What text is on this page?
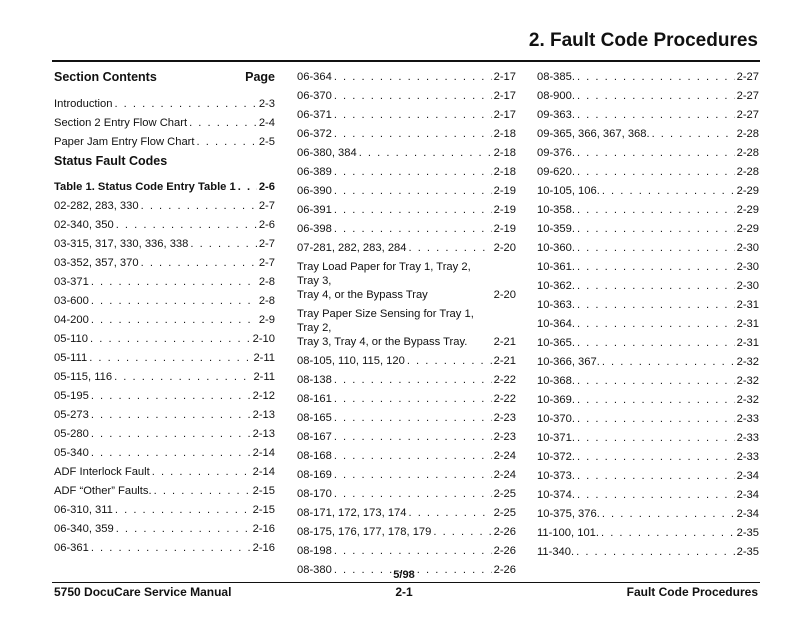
2. Fault Code Procedures
Section Contents	Page
Introduction . . .	2-3
Section 2 Entry Flow Chart . . .	2-4
Paper Jam Entry Flow Chart . . .	2-5
Status Fault Codes
Table 1. Status Code Entry Table 1 . . . 2-6
02-282, 283, 330 . . .	2-7
02-340, 350 . . .	2-6
03-315, 317, 330, 336, 338 . . .	2-7
03-352, 357, 370 . . .	2-7
03-371 . . .	2-8
03-600 . . .	2-8
04-200 . . .	2-9
05-110 . . .	2-10
05-111 . . .	2-11
05-115, 116 . . .	2-11
05-195 . . .	2-12
05-273 . . .	2-13
05-280 . . .	2-13
05-340 . . .	2-14
ADF Interlock Fault . . .	2-14
ADF “Other” Faults. . . .	2-15
06-310, 311 . . .	2-15
06-340, 359 . . .	2-16
06-361 . . .	2-16
06-364 . . .	2-17
06-370 . . .	2-17
06-371 . . .	2-17
06-372 . . .	2-18
06-380, 384 . . .	2-18
06-389 . . .	2-18
06-390 . . .	2-19
06-391 . . .	2-19
06-398 . . .	2-19
07-281, 282, 283, 284 . . .	2-20
Tray Load Paper for Tray 1, Tray 2, Tray 3,
Tray 4, or the Bypass Tray	2-20
Tray Paper Size Sensing for Tray 1, Tray 2,
Tray 3, Tray 4, or the Bypass Tray.	2-21
08-105, 110, 115, 120 . . .	2-21
08-138 . . .	2-22
08-161 . . .	2-22
08-165 . . .	2-23
08-167 . . .	2-23
08-168 . . .	2-24
08-169 . . .	2-24
08-170 . . .	2-25
08-171, 172, 173, 174 . . .	2-25
08-175, 176, 177, 178, 179 . . .	2-26
08-198 . . .	2-26
08-380 . . .	2-26
08-385. . . .	2-27
08-900. . . .	2-27
09-363. . . .	2-27
09-365, 366, 367, 368. . . .	2-28
09-376. . . .	2-28
09-620. . . .	2-28
10-105, 106. . . .	2-29
10-358. . . .	2-29
10-359. . . .	2-29
10-360. . . .	2-30
10-361. . . .	2-30
10-362. . . .	2-30
10-363. . . .	2-31
10-364. . . .	2-31
10-365. . . .	2-31
10-366, 367. . . .	2-32
10-368. . . .	2-32
10-369. . . .	2-32
10-370. . . .	2-33
10-371. . . .	2-33
10-372. . . .	2-33
10-373. . . .	2-34
10-374. . . .	2-34
10-375, 376. . . .	2-34
11-100, 101. . . .	2-35
11-340. . . .	2-35
5/98
5750 DocuCare Service Manual	2-1	Fault Code Procedures
